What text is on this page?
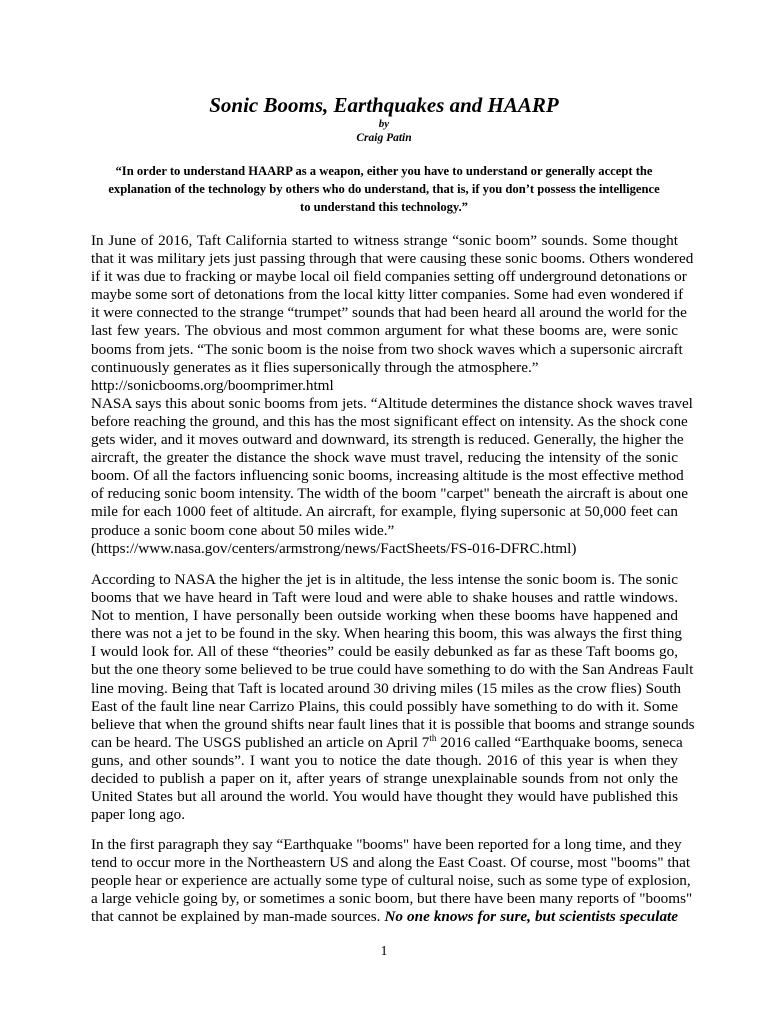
Sonic Booms, Earthquakes and HAARP
by
Craig Patin

“In order to understand HAARP as a weapon, either you have to understand or generally accept the explanation of the technology by others who do understand, that is, if you don’t possess the intelligence to understand this technology.”

In June of 2016, Taft California started to witness strange “sonic boom” sounds. Some thought
that it was military jets just passing through that were causing these sonic booms. Others wondered
if it was due to fracking or maybe local oil field companies setting off underground detonations or
maybe some sort of detonations from the local kitty litter companies. Some had even wondered if
it were connected to the strange “trumpet” sounds that had been heard all around the world for the
last few years. The obvious and most common argument for what these booms are, were sonic
booms from jets. “The sonic boom is the noise from two shock waves which a supersonic aircraft
continuously generates as it flies supersonically through the atmosphere.”
http://sonicbooms.org/boomprimer.html
NASA says this about sonic booms from jets. “Altitude determines the distance shock waves travel
before reaching the ground, and this has the most significant effect on intensity. As the shock cone
gets wider, and it moves outward and downward, its strength is reduced. Generally, the higher the
aircraft, the greater the distance the shock wave must travel, reducing the intensity of the sonic
boom. Of all the factors influencing sonic booms, increasing altitude is the most effective method
of reducing sonic boom intensity. The width of the boom "carpet" beneath the aircraft is about one
mile for each 1000 feet of altitude. An aircraft, for example, flying supersonic at 50,000 feet can
produce a sonic boom cone about 50 miles wide.”
(https://www.nasa.gov/centers/armstrong/news/FactSheets/FS-016-DFRC.html)
According to NASA the higher the jet is in altitude, the less intense the sonic boom is. The sonic
booms that we have heard in Taft were loud and were able to shake houses and rattle windows.
Not to mention, I have personally been outside working when these booms have happened and
there was not a jet to be found in the sky. When hearing this boom, this was always the first thing
I would look for. All of these “theories” could be easily debunked as far as these Taft booms go,
but the one theory some believed to be true could have something to do with the San Andreas Fault
line moving. Being that Taft is located around 30 driving miles (15 miles as the crow flies) South
East of the fault line near Carrizo Plains, this could possibly have something to do with it. Some
believe that when the ground shifts near fault lines that it is possible that booms and strange sounds
can be heard. The USGS published an article on April 7th 2016 called “Earthquake booms, seneca
guns, and other sounds”. I want you to notice the date though. 2016 of this year is when they
decided to publish a paper on it, after years of strange unexplainable sounds from not only the
United States but all around the world. You would have thought they would have published this
paper long ago.
In the first paragraph they say “Earthquake "booms" have been reported for a long time, and they
tend to occur more in the Northeastern US and along the East Coast. Of course, most "booms" that
people hear or experience are actually some type of cultural noise, such as some type of explosion,
a large vehicle going by, or sometimes a sonic boom, but there have been many reports of "booms"
that cannot be explained by man-made sources. No one knows for sure, but scientists speculate
1
